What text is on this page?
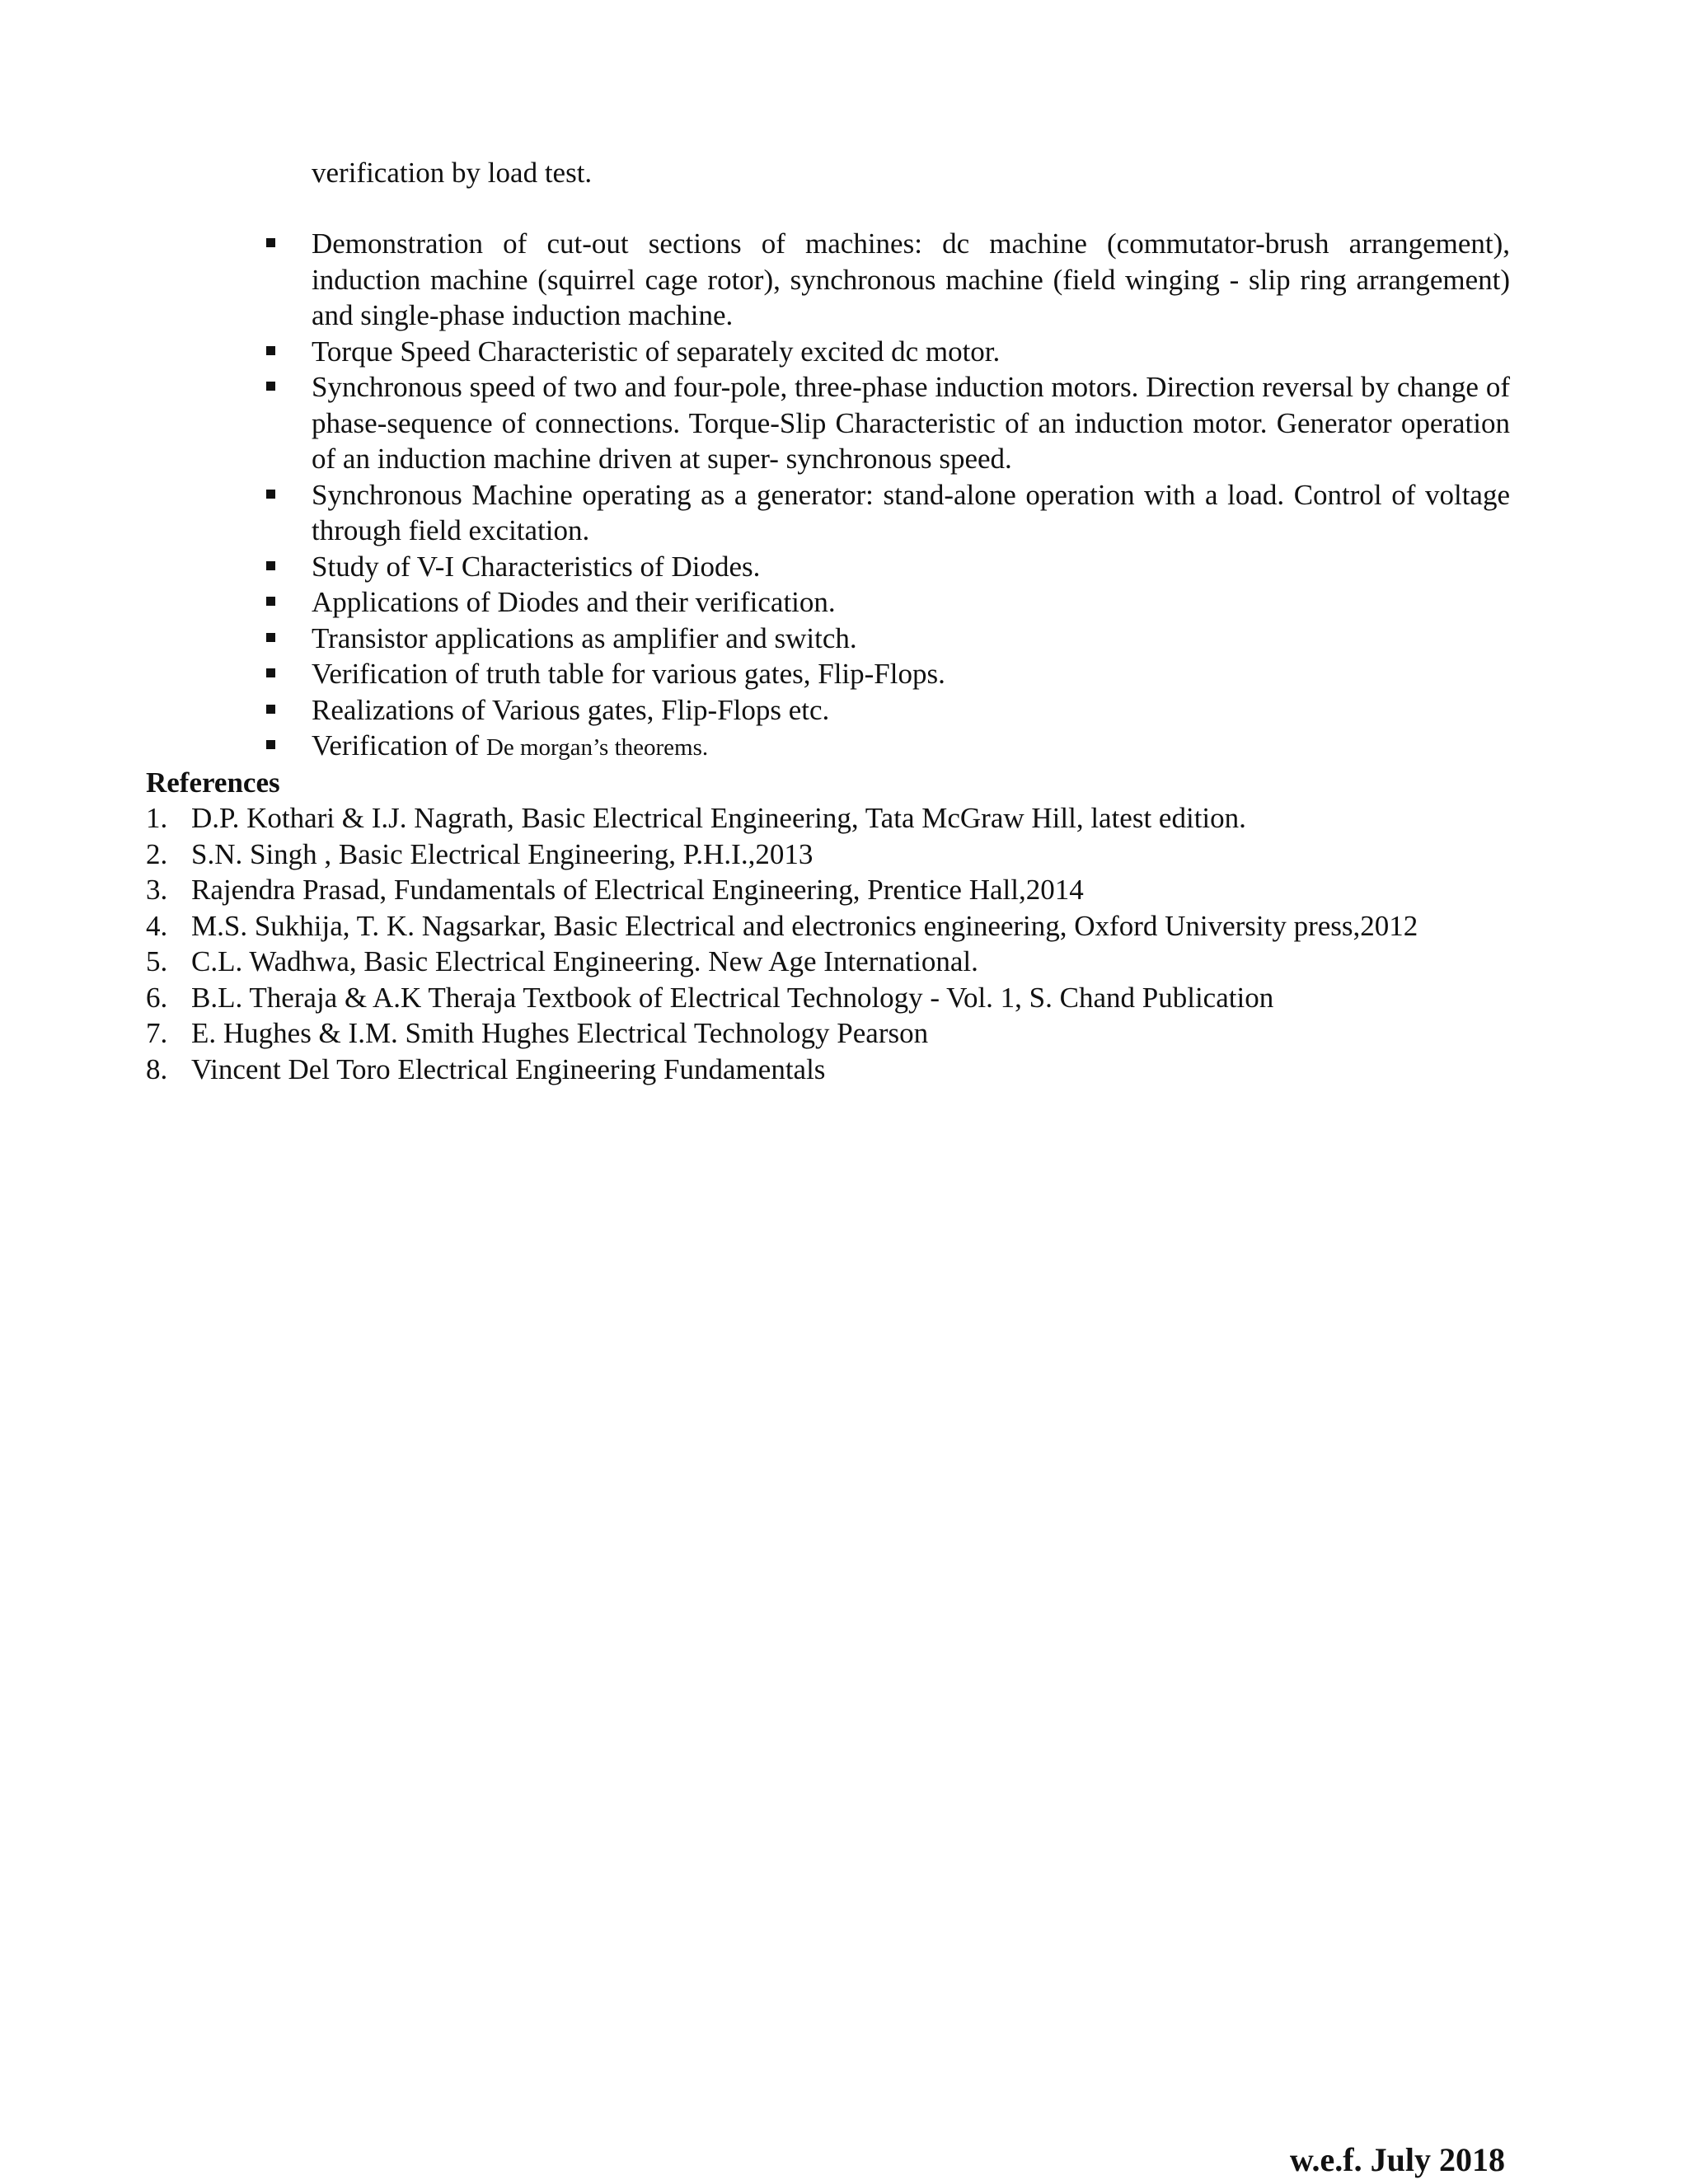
verification by load test.
Demonstration of cut-out sections of machines: dc machine (commutator-brush arrangement), induction machine (squirrel cage rotor), synchronous machine (field winging - slip ring arrangement) and single-phase induction machine.
Torque Speed Characteristic of separately excited dc motor.
Synchronous speed of two and four-pole, three-phase induction motors. Direction reversal by change of phase-sequence of connections. Torque-Slip Characteristic of an induction motor. Generator operation of an induction machine driven at super- synchronous speed.
Synchronous Machine operating as a generator: stand-alone operation with a load. Control of voltage through field excitation.
Study of V-I Characteristics of Diodes.
Applications of Diodes and their verification.
Transistor applications as amplifier and switch.
Verification of truth table for various gates, Flip-Flops.
Realizations of Various gates, Flip-Flops etc.
Verification of De morgan’s theorems.
References
1. D.P. Kothari & I.J. Nagrath, Basic Electrical Engineering, Tata McGraw Hill, latest edition.
2. S.N. Singh , Basic Electrical Engineering, P.H.I.,2013
3. Rajendra Prasad, Fundamentals of Electrical Engineering, Prentice Hall,2014
4. M.S. Sukhija, T. K. Nagsarkar, Basic Electrical and electronics engineering, Oxford University press,2012
5. C.L. Wadhwa, Basic Electrical Engineering. New Age International.
6. B.L. Theraja & A.K Theraja Textbook of Electrical Technology - Vol. 1, S. Chand Publication
7. E. Hughes & I.M. Smith Hughes Electrical Technology Pearson
8. Vincent Del Toro Electrical Engineering Fundamentals
w.e.f. July 2018
